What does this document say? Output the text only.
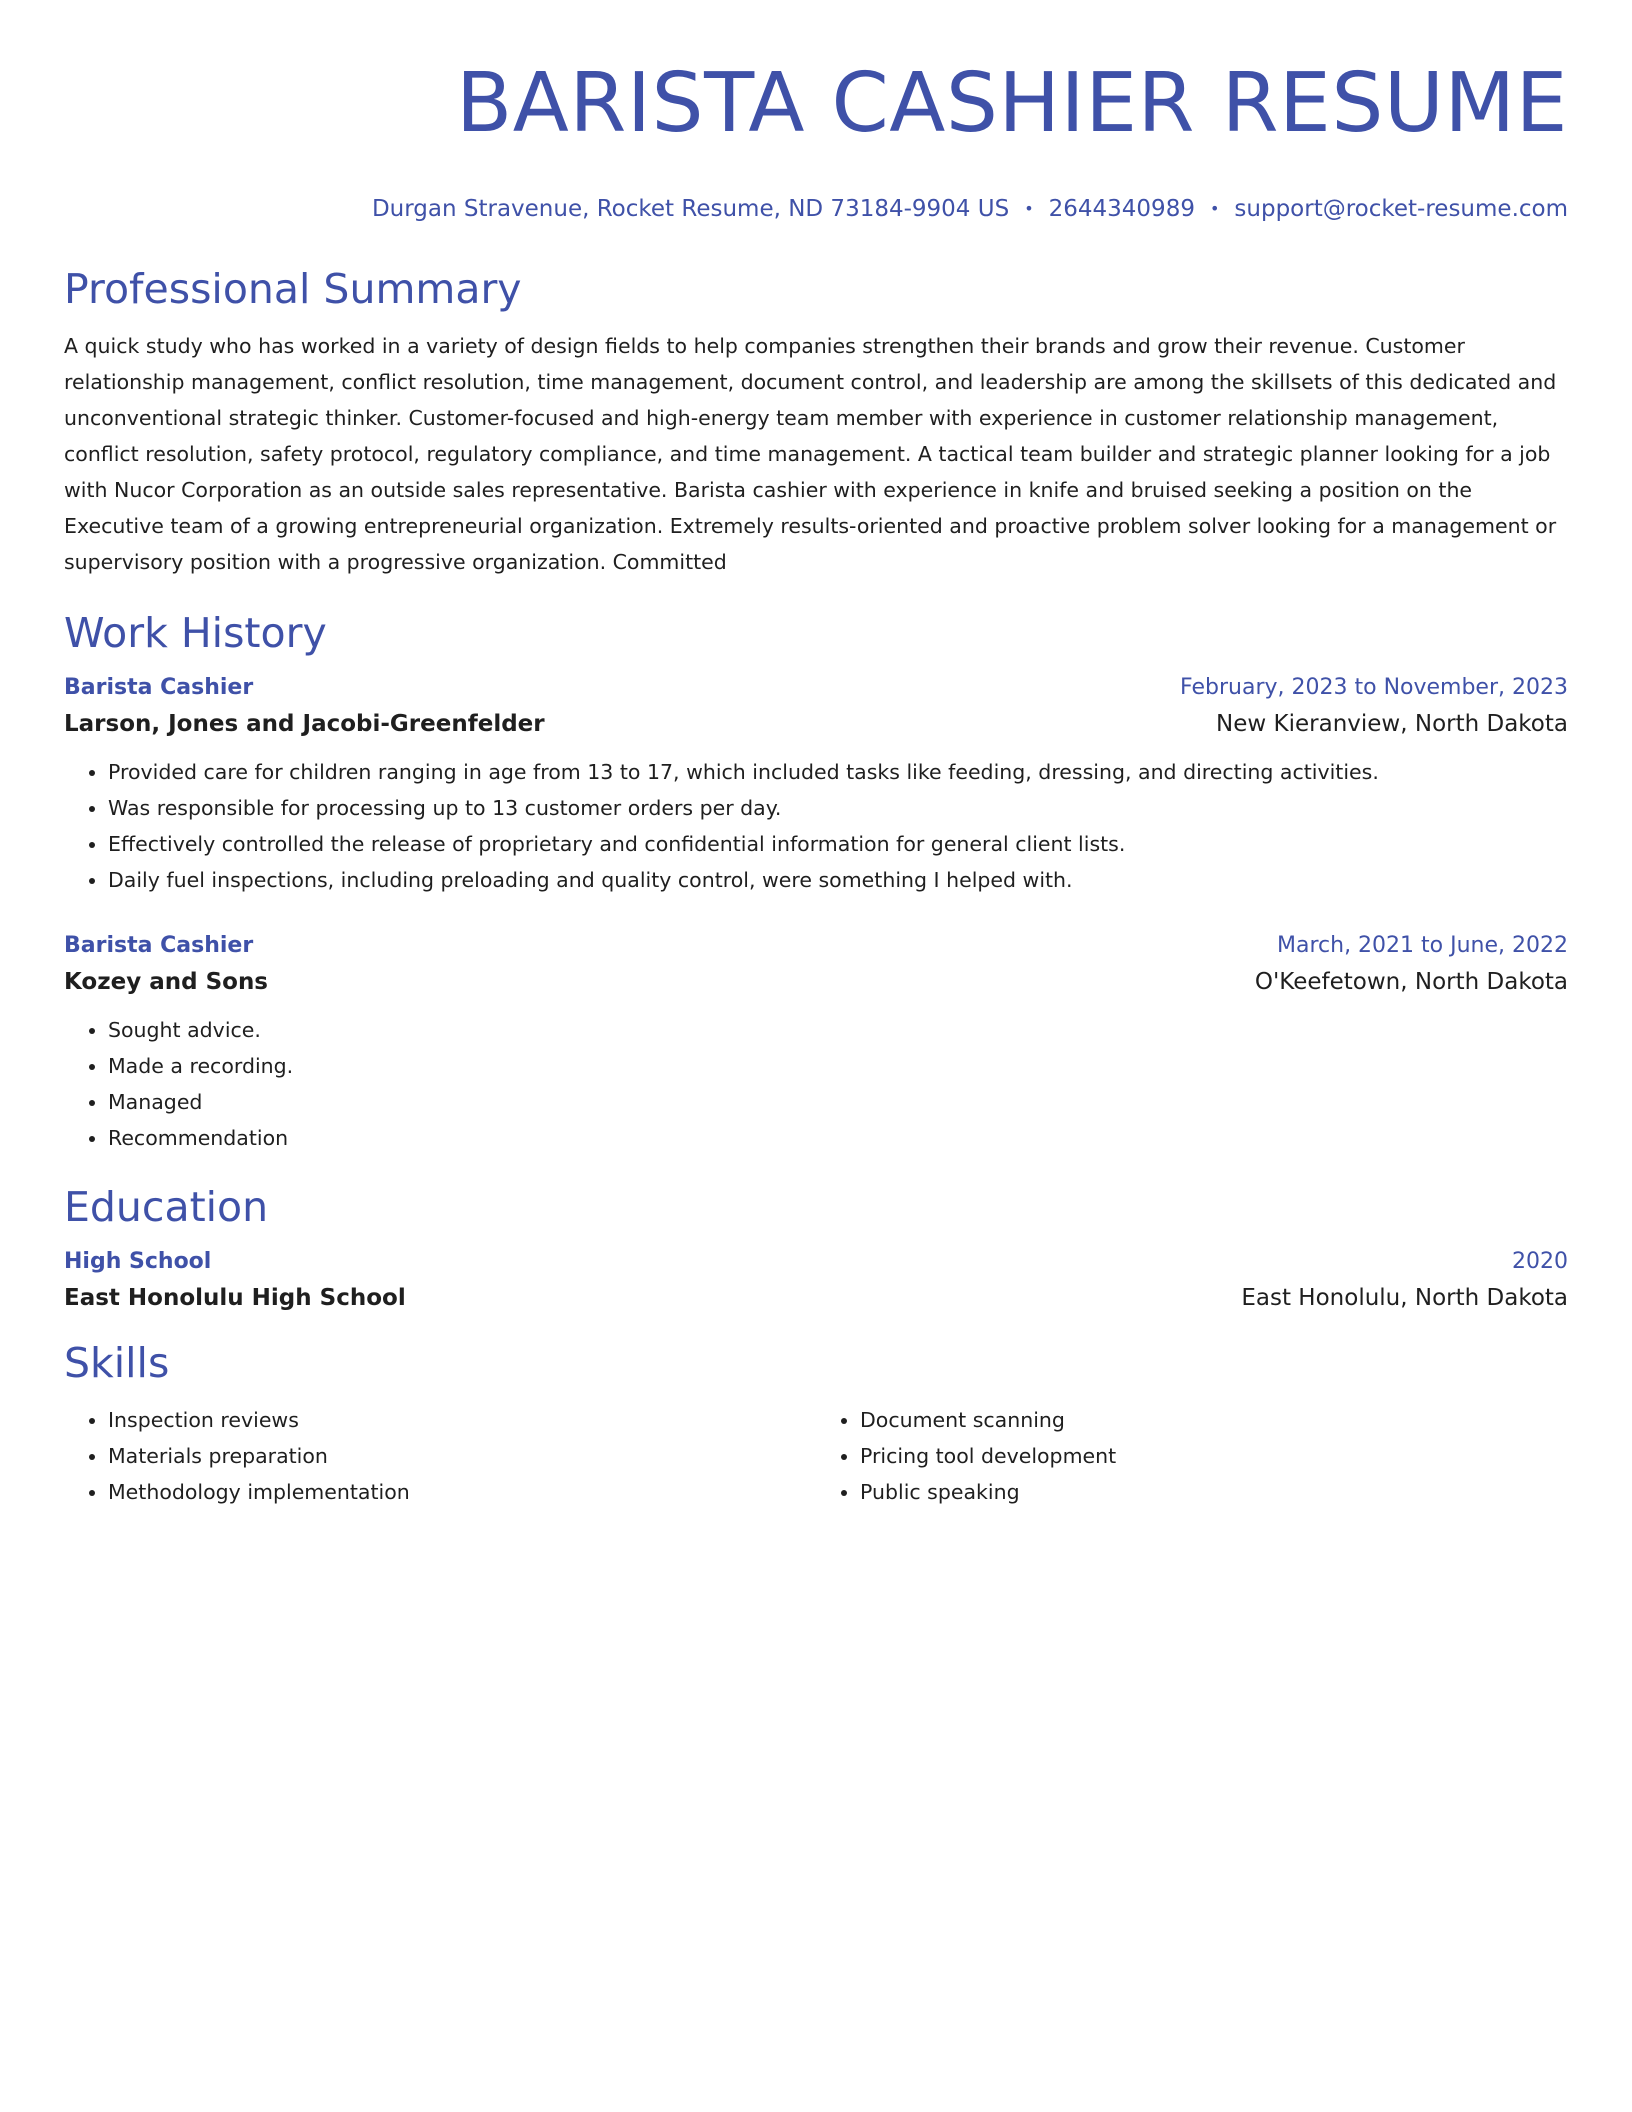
BARISTA CASHIER RESUME
Durgan Stravenue, Rocket Resume, ND 73184-9904 US • 2644340989 • support@rocket-resume.com
Professional Summary
A quick study who has worked in a variety of design fields to help companies strengthen their brands and grow their revenue. Customer relationship management, conflict resolution, time management, document control, and leadership are among the skillsets of this dedicated and unconventional strategic thinker. Customer-focused and high-energy team member with experience in customer relationship management, conflict resolution, safety protocol, regulatory compliance, and time management. A tactical team builder and strategic planner looking for a job with Nucor Corporation as an outside sales representative. Barista cashier with experience in knife and bruised seeking a position on the Executive team of a growing entrepreneurial organization. Extremely results-oriented and proactive problem solver looking for a management or supervisory position with a progressive organization. Committed
Work History
Barista Cashier	February, 2023 to November, 2023
Larson, Jones and Jacobi-Greenfelder	New Kieranview, North Dakota
• Provided care for children ranging in age from 13 to 17, which included tasks like feeding, dressing, and directing activities.
• Was responsible for processing up to 13 customer orders per day.
• Effectively controlled the release of proprietary and confidential information for general client lists.
• Daily fuel inspections, including preloading and quality control, were something I helped with.
Barista Cashier	March, 2021 to June, 2022
Kozey and Sons	O'Keefetown, North Dakota
• Sought advice.
• Made a recording.
• Managed
• Recommendation
Education
High School	2020
East Honolulu High School	East Honolulu, North Dakota
Skills
• Inspection reviews
• Materials preparation
• Methodology implementation
• Document scanning
• Pricing tool development
• Public speaking
